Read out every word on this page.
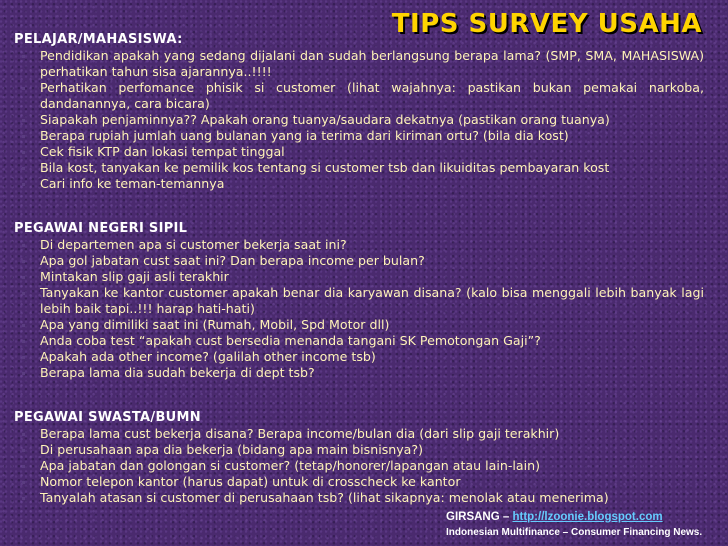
TIPS SURVEY USAHA
PELAJAR/MAHASISWA:
Pendidikan apakah yang sedang dijalani dan sudah berlangsung berapa lama? (SMP, SMA, MAHASISWA) perhatikan tahun sisa ajarannya..!!!!
Perhatikan perfomance phisik si customer (lihat wajahnya: pastikan bukan pemakai narkoba, dandanannya, cara bicara)
Siapakah penjaminnya?? Apakah orang tuanya/saudara dekatnya (pastikan orang tuanya)
Berapa rupiah jumlah uang bulanan yang ia terima dari kiriman ortu? (bila dia kost)
Cek fisik KTP dan lokasi tempat tinggal
Bila kost, tanyakan ke pemilik kos tentang si customer tsb dan likuiditas pembayaran kost
Cari info ke teman-temannya
PEGAWAI NEGERI SIPIL
Di departemen apa si customer bekerja saat ini?
Apa gol jabatan cust saat ini? Dan berapa income per bulan?
Mintakan slip gaji asli terakhir
Tanyakan ke kantor customer apakah benar dia karyawan disana? (kalo bisa menggali lebih banyak lagi lebih baik tapi..!!! harap hati-hati)
Apa yang dimiliki saat ini (Rumah, Mobil, Spd Motor dll)
Anda coba test “apakah cust bersedia menanda tangani SK Pemotongan Gaji”?
Apakah ada other income? (galilah other income tsb)
Berapa lama dia sudah bekerja di dept tsb?
PEGAWAI SWASTA/BUMN
Berapa lama cust bekerja disana? Berapa income/bulan dia (dari slip gaji terakhir)
Di perusahaan apa dia bekerja (bidang apa main bisnisnya?)
Apa jabatan dan golongan si customer? (tetap/honorer/lapangan atau lain-lain)
Nomor telepon kantor (harus dapat) untuk di crosscheck ke kantor
Tanyalah atasan si customer di perusahaan tsb? (lihat sikapnya: menolak atau menerima)
GIRSANG – http://lzoonie.blogspot.com
Indonesian Multifinance – Consumer Financing News.
